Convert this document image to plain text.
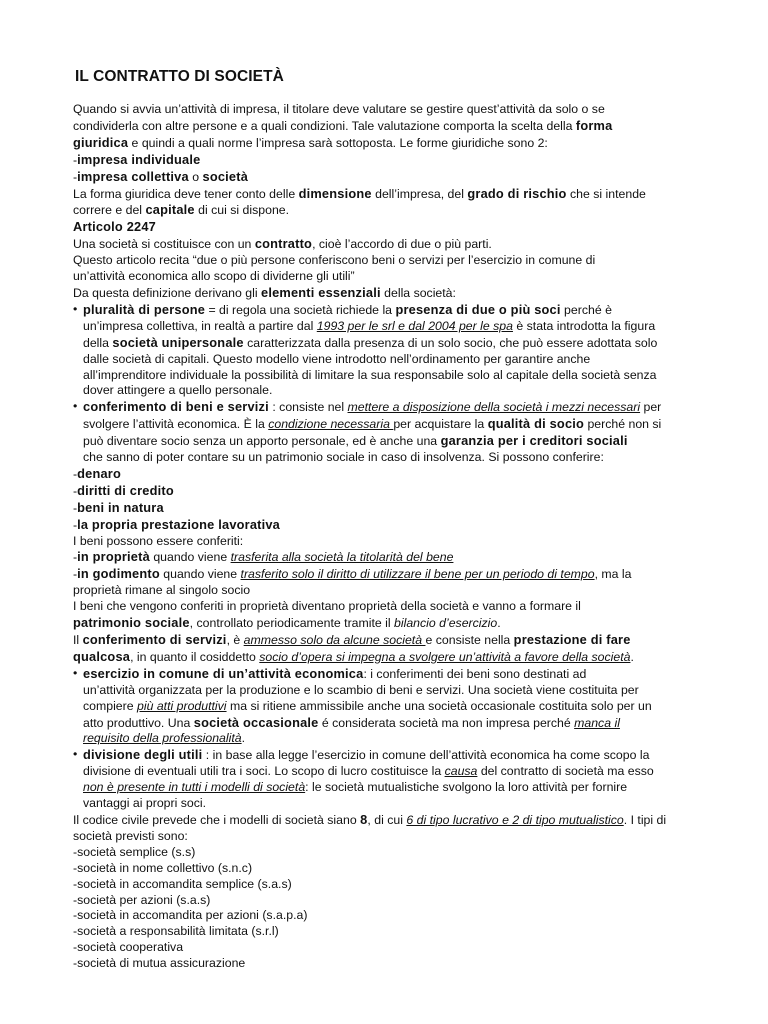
IL CONTRATTO DI SOCIETÀ
Quando si avvia un’attività di impresa, il titolare deve valutare se gestire quest’attività da solo o se
condividerla con altre persone e a quali condizioni. Tale valutazione comporta la scelta della forma
giuridica e quindi a quali norme l’impresa sarà sottoposta. Le forme giuridiche sono 2:
-impresa individuale
-impresa collettiva o società
La forma giuridica deve tener conto delle dimensione dell’impresa, del grado di rischio che si intende
correre e del capitale di cui si dispone.
Articolo 2247
Una società si costituisce con un contratto, cioè l’accordo di due o più parti.
Questo articolo recita “due o più persone conferiscono beni o servizi per l’esercizio in comune di
un’attività economica allo scopo di dividerne gli utili”
Da questa definizione derivano gli elementi essenziali della società:
• pluralità di persone = di regola una società richiede la presenza di due o più soci perché è
un’impresa collettiva, in realtà a partire dal 1993 per le srl e dal 2004 per le spa è stata introdotta la figura
della società unipersonale caratterizzata dalla presenza di un solo socio, che può essere adottata solo
dalle società di capitali. Questo modello viene introdotto nell’ordinamento per garantire anche
all’imprenditore individuale la possibilità di limitare la sua responsabile solo al capitale della società senza
dover attingere a quello personale.
• conferimento di beni e servizi : consiste nel mettere a disposizione della società i mezzi necessari per
svolgere l’attività economica. È la condizione necessaria per acquistare la qualità di socio perché non si
può diventare socio senza un apporto personale, ed è anche una garanzia per i creditori sociali
che sanno di poter contare su un patrimonio sociale in caso di insolvenza. Si possono conferire:
-denaro
-diritti di credito
-beni in natura
-la propria prestazione lavorativa
I beni possono essere conferiti:
-in proprietà quando viene trasferita alla società la titolarità del bene
-in godimento quando viene trasferito solo il diritto di utilizzare il bene per un periodo di tempo, ma la
proprietà rimane al singolo socio
I beni che vengono conferiti in proprietà diventano proprietà della società e vanno a formare il
patrimonio sociale, controllato periodicamente tramite il bilancio d’esercizio.
Il conferimento di servizi, è ammesso solo da alcune società e consiste nella prestazione di fare
qualcosa, in quanto il cosiddetto socio d’opera si impegna a svolgere un’attività a favore della società.
• esercizio in comune di un’attività economica: i conferimenti dei beni sono destinati ad
un’attività organizzata per la produzione e lo scambio di beni e servizi. Una società viene costituita per
compiere più atti produttivi ma si ritiene ammissibile anche una società occasionale costituita solo per un
atto produttivo. Una società occasionale é considerata società ma non impresa perché manca il
requisito della professionalità.
• divisione degli utili : in base alla legge l’esercizio in comune dell’attività economica ha come scopo la
divisione di eventuali utili tra i soci. Lo scopo di lucro costituisce la causa del contratto di società ma esso
non è presente in tutti i modelli di società: le società mutualistiche svolgono la loro attività per fornire
vantaggi ai propri soci.
Il codice civile prevede che i modelli di società siano 8, di cui 6 di tipo lucrativo e 2 di tipo mutualistico. I tipi di
società previsti sono:
-società semplice (s.s)
-società in nome collettivo (s.n.c)
-società in accomandita semplice (s.a.s)
-società per azioni (s.a.s)
-società in accomandita per azioni (s.a.p.a)
-società a responsabilità limitata (s.r.l)
-società cooperativa
-società di mutua assicurazione
